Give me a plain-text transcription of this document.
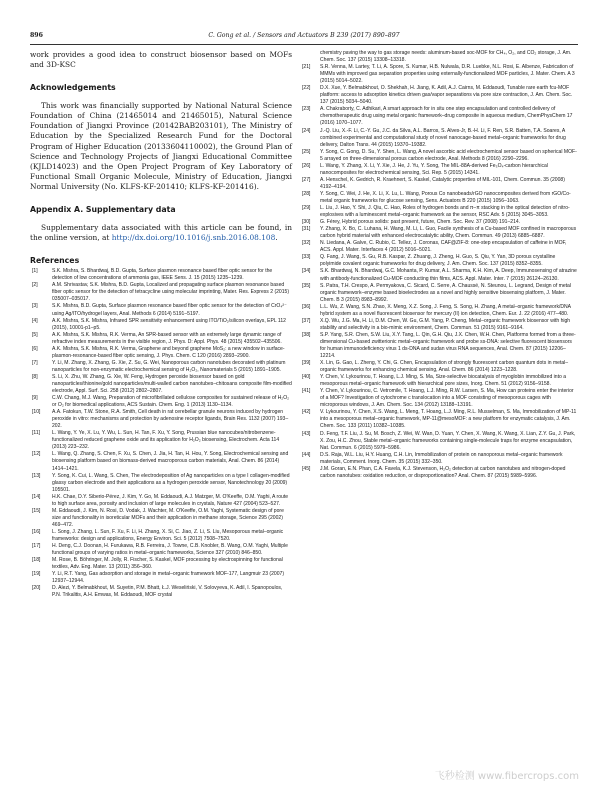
896	C. Gong et al. / Sensors and Actuators B 239 (2017) 890–897

work provides a good idea to construct biosensor based on MOFs and 3D-KSC

Acknowledgements

This work was financially supported by National Natural Science Foundation of China (21465014 and 21465015), Natural Science Foundation of Jiangxi Province (20142BAB203101), The Ministry of Education by the Specialized Research Fund for the Doctoral Program of Higher Education (20133604110002), the Ground Plan of Science and Technology Projects of Jiangxi Educational Committee (KJLD14023) and the Open Project Program of Key Laboratory of Functional Small Organic Molecule, Ministry of Education, Jiangxi Normal University (No. KLFS-KF-201410; KLFS-KF-201416).

Appendix A. Supplementary data

Supplementary data associated with this article can be found, in the online version, at http://dx.doi.org/10.1016/j.snb.2016.08.108.

References
[1]	S.K. Mishra, S. Bhardwaj, B.D. Gupta, Surface plasmon resonance based fiber optic sensor for the detection of low concentrations of ammonia gas, IEEE Sens. J. 15 (2015) 1235–1239.
[2]	A.M. Shrivastav, S.K. Mishra, B.D. Gupta, Localized and propagating surface plasmon resonance based fiber optic sensor for the detection of tetracycline using molecular imprinting, Mater. Res. Express 2 (2015) 035007–035017.
[3]	S.K. Mishra, B.D. Gupta, Surface plasmon resonance based fiber optic sensor for the detection of CrO₄²⁻ using Ag/ITO/hydrogel layers, Anal. Methods 6 (2014) 5191–5197.
[4]	A.K. Mishra, S.K. Mishra, Infrared SPR sensitivity enhancement using ITO/TiO₂/silicon overlays, EPL 112 (2015), 10001-p1–p5.
[5]	A.K. Mishra, S.K. Mishra, R.K. Verma, An SPR-based sensor with an extremely large dynamic range of refractive index measurements in the visible region, J. Phys. D: Appl. Phys. 48 (2015) 435502–435506.
[6]	A.K. Mishra, S.K. Mishra, R.K. Verma, Graphene and beyond graphene MoS₂: a new window in surface-plasmon-resonance-based fiber optic sensing, J. Phys. Chem. C 120 (2016) 2893–2900.
[7]	Y. Li, M. Zhang, X. Zhang, G. Xie, Z. Su, G. Wei, Nanoporous carbon nanotubes decorated with platinum nanoparticles for non-enzymatic electrochemical sensing of H₂O₂, Nanomaterials 5 (2015) 1891–1905.
[8]	S. Li, X. Zhu, W. Zhang, G. Xie, W. Feng, Hydrogen peroxide biosensor based on gold nanoparticles/thionine/gold nanoparticles/multi-walled carbon nanotubes–chitosans composite film-modified electrode, Appl. Surf. Sci. 258 (2012) 2802–2807.
[9]	C.W. Chang, M.J. Wang, Preparation of microfibrillated cellulose composites for sustained release of H₂O₂ or O₂ for biomedical applications, ACS Sustain. Chem. Eng. 1 (2013) 1130–1134.
[10]	A.A. Fatokun, T.W. Stone, R.A. Smith, Cell death in rat cerebellar granule neurons induced by hydrogen peroxide in vitro: mechanisms and protection by adenosine receptor ligands, Brain Res. 1132 (2007) 193–202.
[11]	L. Wang, Y. Ye, X. Lu, Y. Wu, L. Sun, H. Tan, F. Xu, Y. Song, Prussian blue nanocubes/nitrobenzene-functionalized reduced graphene oxide and its application for H₂O₂ biosensing, Electrochem. Acta 114 (2013) 223–232.
[12]	L. Wang, Q. Zhang, S. Chen, F. Xu, S. Chen, J. Jia, H. Tan, H. Hou, Y. Song, Electrochemical sensing and biosensing platform based on biomass-derived macroporous carbon materials, Anal. Chem. 86 (2014) 1414–1421.
[13]	Y. Song, K. Cui, L. Wang, S. Chen, The electrodeposition of Ag nanoparticles on a type I collagen-modified glassy carbon electrode and their applications as a hydrogen peroxide sensor, Nanotechnology 20 (2009) 105501.
[14]	H.K. Chae, D.Y. Siberio-Pérez, J. Kim, Y. Go, M. Eddaoudi, A.J. Matzger, M. O'Keeffe, O.M. Yaghi, A route to high surface area, porosity and inclusion of large molecules in crystals, Nature 427 (2004) 523–527.
[15]	M. Eddaoudi, J. Kim, N. Rosi, D. Vodak, J. Wachter, M. O'Keeffe, O.M. Yaghi, Systematic design of pore size and functionality in isoreticular MOFs and their application in methane storage, Science 295 (2002) 469–472.
[16]	L. Song, J. Zhang, L. Sun, F. Xu, F. Li, H. Zhang, X. Si, C. Jiao, Z. Li, S. Liu, Mesoporous metal–organic frameworks: design and applications, Energy Environ. Sci. 5 (2012) 7508–7520.
[17]	H. Deng, C.J. Doonan, H. Furukawa, R.B. Ferreira, J. Towne, C.B. Knobler, B. Wang, O.M. Yaghi, Multiple functional groups of varying ratios in metal–organic frameworks, Science 327 (2010) 846–850.
[18]	M. Rose, B. Böhringer, M. Jolly, R. Fischer, S. Kaskel, MOF processing by electrospinning for functional textiles, Adv. Eng. Mater. 13 (2011) 356–360.
[19]	Y. Li, R.T. Yang, Gas adsorption and storage in metal–organic framework MOF-177, Langmuir 23 (2007) 12937–12944.
[20]	D. Alezi, Y. Belmabkhout, M. Suyetin, P.M. Bhatt, Ł.J. Weseliński, V. Solovyeva, K. Adil, I. Spanopoulos, P.N. Trikalitis, A.H. Emwas, M. Eddaoudi, MOF crystal
chemistry paving the way to gas storage needs: aluminum-based soc-MOF for CH₄, O₂, and CO₂ storage, J. Am. Chem. Soc. 137 (2015) 13308–13318.
[21]	S.R. Venna, M. Lartey, T. Li, A. Spore, S. Kumar, H.B. Nulwala, D.R. Luebke, N.L. Rosi, E. Albenze, Fabrication of MMMs with improved gas separation properties using externally-functionalized MOF particles, J. Mater. Chem. A 3 (2015) 5014–5022.
[22]	D.X. Xue, Y. Belmabkhout, O. Shekhah, H. Jiang, K. Adil, A.J. Cairns, M. Eddaoudi, Tunable rare earth fcu-MOF platform: access to adsorption kinetics driven gas/vapor separations via pore size contraction, J. Am. Chem. Soc. 137 (2015) 5034–5040.
[23]	A. Chakraborty, C. Adhikari, A smart approach for in situ one step encapsulation and controlled delivery of chemotherapeutic drug using metal organic framework–drug composite in aqueous medium, ChemPhysChem 17 (2016) 1070–1077.
[24]	J.-Q. Liu, X.-F. Li, C.-Y. Gu, J.C. da Silva, A.L. Barros, S. Alves-Jr, B.-H. Li, F. Ren, S.R. Batten, T.A. Soares, A combined experimental and computational study of novel nanocage-based metal–organic frameworks for drug delivery, Dalton Trans. 44 (2015) 19370–19382.
[25]	Y. Song, C. Gong, D. Su, Y. Shen, L. Wang, A novel ascorbic acid electrochemical sensor based on spherical MOF-5 arrayed on three-dimensional porous carbon electrode, Anal. Methods 8 (2016) 2290–2296.
[26]	L. Wang, Y. Zhang, X. Li, Y. Xie, J. He, J. Yu, Y. Song, The MIL-88A-derived Fe₃O₄-carbon hierarchical nanocomposites for electrochemical sensing, Sci. Rep. 5 (2015) 14341.
[27]	A. Henschel, K. Gedrich, R. Kraehnert, S. Kaskel, Catalytic properties of MIL-101, Chem. Commun. 35 (2008) 4192–4194.
[28]	Y. Song, C. Wei, J. He, X. Li, X. Lu, L. Wang, Porous Co nanobeads/rGO nanocomposites derived from rGO/Co-metal organic frameworks for glucose sensing, Sens. Actuators B 220 (2015) 1056–1063.
[29]	L. Liu, J. Hao, Y. Shi, J. Qiu, C. Hao, Roles of hydrogen bonds and π–π stacking in the optical detection of nitro-explosives with a luminescent metal–organic framework as the sensor, RSC Adv. 5 (2015) 3045–3053.
[30]	G. Férey, Hybrid porous solids: past present, future, Chem. Soc. Rev. 37 (2008) 191–214.
[31]	Y. Zhang, X. Bo, C. Luhana, H. Wang, M. Li, L. Guo, Facile synthesis of a Cu-based MOF confined in macroporous carbon hybrid material with enhanced electrocatalytic ability, Chem. Commun. 49 (2013) 6885–6887.
[32]	N. Liedana, A. Galve, C. Rubio, C. Tellez, J. Coronas, CAF@ZIF-8: one-step encapsulation of caffeine in MOF, ACS. Appl. Mater. Interfaces 4 (2012) 5016–5021.
[33]	Q. Fang, J. Wang, S. Gu, R.B. Kaspar, Z. Zhuang, J. Zheng, H. Guo, S. Qiu, Y. Yan, 3D porous crystalline polyimide covalent organic frameworks for drug delivery, J. Am. Chem. Soc. 137 (2015) 8352–8355.
[34]	S.K. Bhardwaj, N. Bhardwaj, G.C. Mohanta, P. Kumar, A.L. Sharma, K.H. Kim, A. Deep, Immunosensing of atrazine with antibody-functionalized Cu-MOF conducting thin films, ACS. Appl. Mater. Inter. 7 (2015) 26124–26130.
[35]	S. Patra, T.H. Crespo, A. Permyakova, C. Sicard, C. Serre, A. Chaussé, N. Steunou, L. Legrand, Design of metal organic framework–enzyme based bioelectrodes as a novel and highly sensitive biosensing platform, J. Mater. Chem. B 3 (2015) 8983–8992.
[36]	L.L. Wu, Z. Wang, S.N. Zhao, X. Meng, X.Z. Song, J. Feng, S. Song, H. Zhang, A metal–organic framework/DNA hybrid system as a novel fluorescent biosensor for mercury (II) ion detection, Chem. Eur. J. 22 (2016) 477–480.
[37]	X.Q. Wu, J.G. Ma, H. Li, D.M. Chen, W. Gu, G.M. Yang, P. Cheng, Metal–organic framework biosensor with high stability and selectivity in a bio-mimic environment, Chem. Commun. 51 (2015) 9161–9164.
[38]	S.P. Yang, S.R. Chen, S.W. Liu, X.Y. Tang, L. Qin, G.H. Qiu, J.X. Chen, W.H. Chen, Platforms formed from a three-dimensional Cu-based zwitterionic metal–organic framework and probe ss-DNA: selective fluorescent biosensors for human immunodeficiency virus 1 ds-DNA and sudan virus RNA sequences, Anal. Chem. 87 (2015) 12206–12214.
[39]	X. Lin, G. Gao, L. Zheng, Y. Chi, G. Chen, Encapsulation of strongly fluorescent carbon quantum dots in metal–organic frameworks for enhancing chemical sensing, Anal. Chem. 86 (2014) 1223–1228.
[40]	Y. Chen, V. Lykourinou, T. Hoang, L.J. Ming, S. Ma, Size-selective biocatalysis of myoglobin immobilized into a mesoporous metal–organic framework with hierarchical pore sizes, Inorg. Chem. 51 (2012) 9156–9158.
[41]	Y. Chen, V. Lykourinou, C. Vetromile, T. Hoang, L.J. Ming, R.W. Larsen, S. Ma, How can proteins enter the interior of a MOF? Investigation of cytochrome c translocation into a MOF consisting of mesoporous cages with microporous windows, J. Am. Chem. Soc. 134 (2012) 13188–13191.
[42]	V. Lykourinou, Y. Chen, X.S. Wang, L. Meng, T. Hoang, L.J. Ming, R.L. Musselman, S. Ma, Immobilization of MP-11 into a mesoporous metal–organic framework, MP-11@mesoMOF: a new platform for enzymatic catalysis, J. Am. Chem. Soc. 133 (2011) 10382–10385.
[43]	D. Feng, T.F. Liu, J. Su, M. Bosch, Z. Wei, W. Wan, D. Yuan, Y. Chen, X. Wang, K. Wang, X. Lian, Z.Y. Gu, J. Park, X. Zou, H.C. Zhou, Stable metal–organic frameworks containing single-molecule traps for enzyme encapsulation, Nat. Commun. 6 (2015) 5979–5986.
[44]	D.S. Raja, W.L. Liu, H.Y. Huang, C.H. Lin, Immobilization of protein on nanoporous metal–organic framework materials, Comment. Inorg. Chem. 35 (2015) 332–350.
[45]	J.M. Goran, E.N. Phan, C.A. Favela, K.J. Stevenson, H₂O₂ detection at carbon nanotubes and nitrogen-doped carbon nanotubes: oxidation reduction, or disproportionation? Anal. Chem. 87 (2015) 5989–5996.
飞秒检测 www.fibercrops.com
